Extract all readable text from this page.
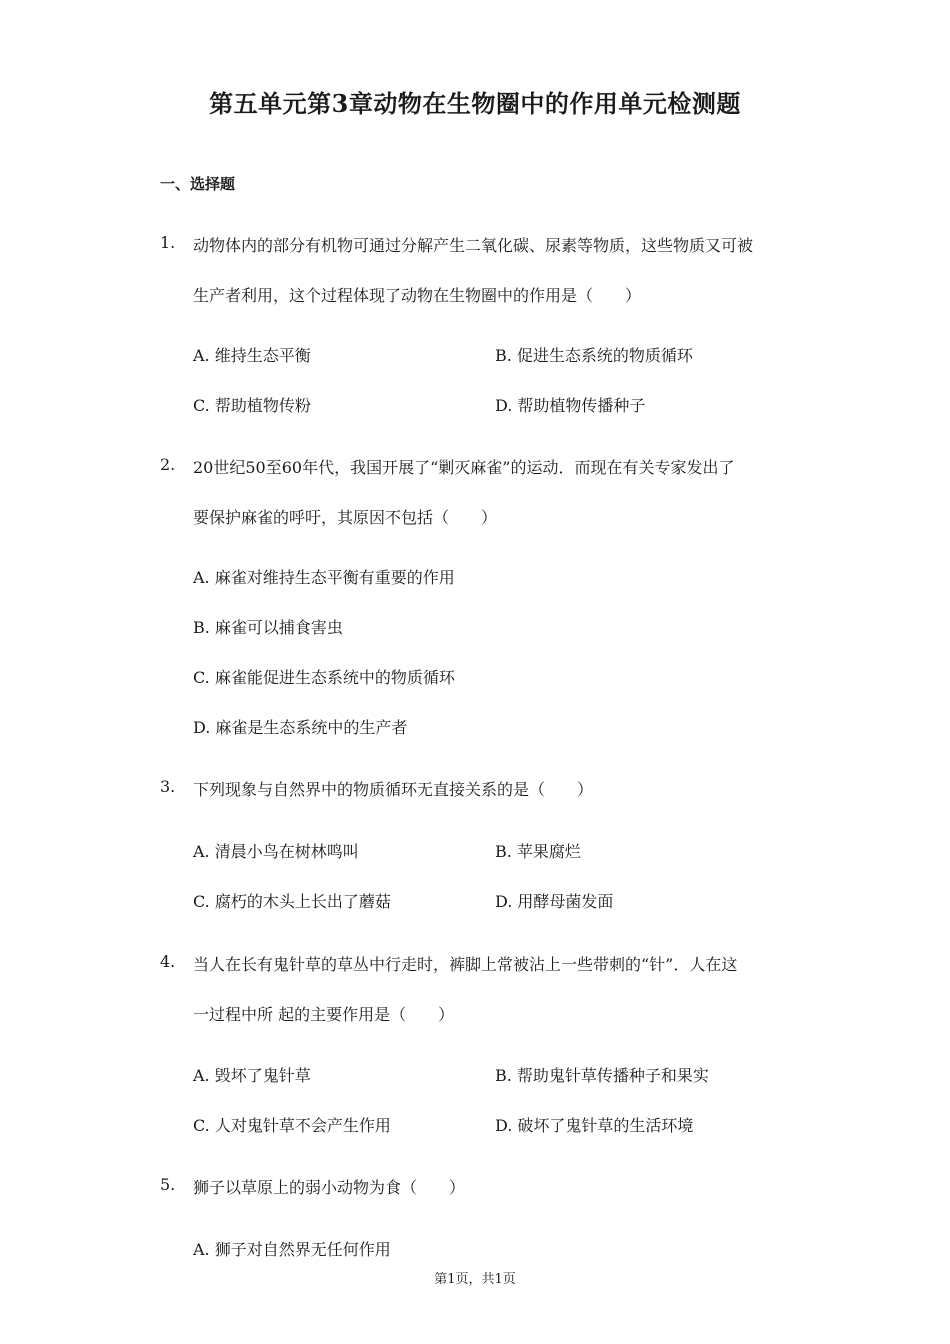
第五单元第3章动物在生物圈中的作用单元检测题
一、选择题
1. 动物体内的部分有机物可通过分解产生二氧化碳、尿素等物质，这些物质又可被
生产者利用，这个过程体现了动物在生物圈中的作用是（　　）
A. 维持生态平衡	B. 促进生态系统的物质循环
C. 帮助植物传粉	D. 帮助植物传播种子
2. 20世纪50至60年代，我国开展了“剿灭麻雀”的运动．而现在有关专家发出了
要保护麻雀的呼吁，其原因不包括（　　）
A. 麻雀对维持生态平衡有重要的作用
B. 麻雀可以捕食害虫
C. 麻雀能促进生态系统中的物质循环
D. 麻雀是生态系统中的生产者
3. 下列现象与自然界中的物质循环无直接关系的是（　　）
A. 清晨小鸟在树林鸣叫	B. 苹果腐烂
C. 腐朽的木头上长出了蘑菇	D. 用酵母菌发面
4. 当人在长有鬼针草的草丛中行走时，裤脚上常被沾上一些带刺的“针”．人在这
一过程中所 起的主要作用是（　　）
A. 毁坏了鬼针草	B. 帮助鬼针草传播种子和果实
C. 人对鬼针草不会产生作用	D. 破坏了鬼针草的生活环境
5. 狮子以草原上的弱小动物为食（　　）
A. 狮子对自然界无任何作用
第1页，共1页
